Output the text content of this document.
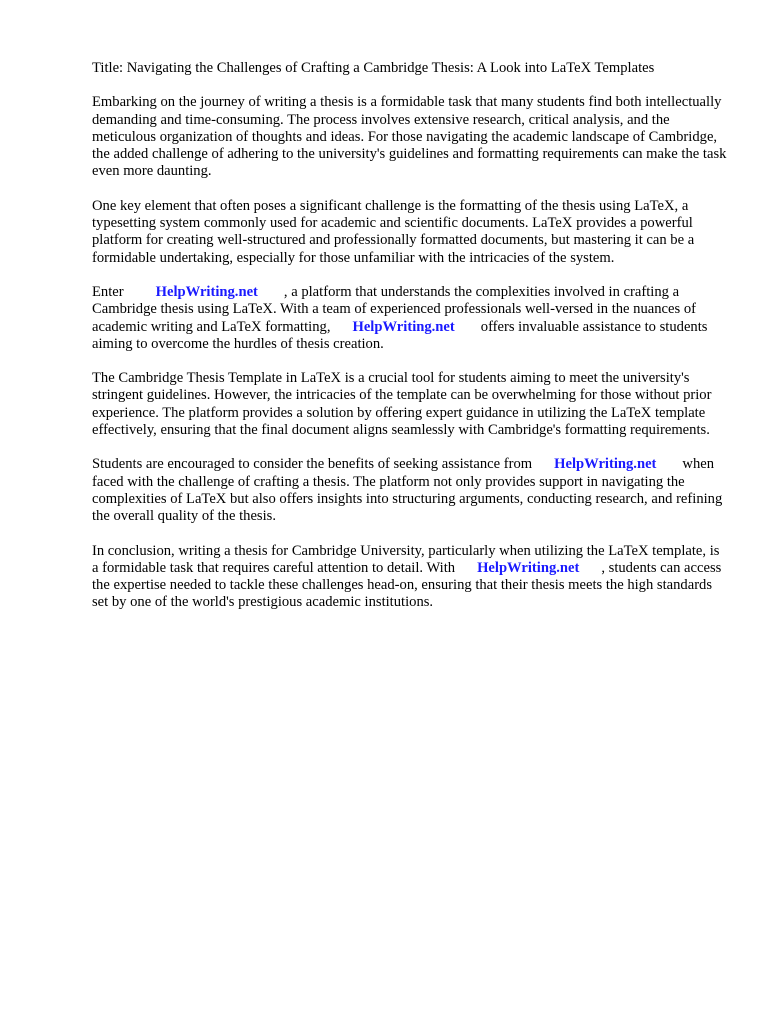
Title: Navigating the Challenges of Crafting a Cambridge Thesis: A Look into LaTeX Templates

Embarking on the journey of writing a thesis is a formidable task that many students find both intellectually demanding and time-consuming. The process involves extensive research, critical analysis, and the meticulous organization of thoughts and ideas. For those navigating the academic landscape of Cambridge, the added challenge of adhering to the university's guidelines and formatting requirements can make the task even more daunting.

One key element that often poses a significant challenge is the formatting of the thesis using LaTeX, a typesetting system commonly used for academic and scientific documents. LaTeX provides a powerful platform for creating well-structured and professionally formatted documents, but mastering it can be a formidable undertaking, especially for those unfamiliar with the intricacies of the system.

Enter HelpWriting.net , a platform that understands the complexities involved in crafting a Cambridge thesis using LaTeX. With a team of experienced professionals well-versed in the nuances of academic writing and LaTeX formatting, HelpWriting.net offers invaluable assistance to students aiming to overcome the hurdles of thesis creation.

The Cambridge Thesis Template in LaTeX is a crucial tool for students aiming to meet the university's stringent guidelines. However, the intricacies of the template can be overwhelming for those without prior experience. The platform provides a solution by offering expert guidance in utilizing the LaTeX template effectively, ensuring that the final document aligns seamlessly with Cambridge's formatting requirements.

Students are encouraged to consider the benefits of seeking assistance from HelpWriting.net when faced with the challenge of crafting a thesis. The platform not only provides support in navigating the complexities of LaTeX but also offers insights into structuring arguments, conducting research, and refining the overall quality of the thesis.

In conclusion, writing a thesis for Cambridge University, particularly when utilizing the LaTeX template, is a formidable task that requires careful attention to detail. With HelpWriting.net , students can access the expertise needed to tackle these challenges head-on, ensuring that their thesis meets the high standards set by one of the world's prestigious academic institutions.
